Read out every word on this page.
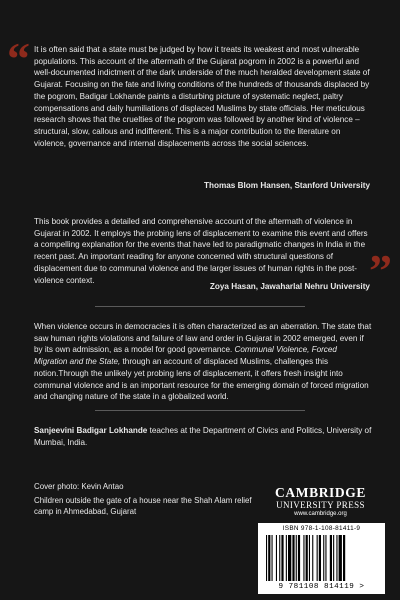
“
”
It is often said that a state must be judged by how it treats its weakest and most vulnerable populations. This account of the aftermath of the Gujarat pogrom in 2002 is a powerful and well-documented indictment of the dark underside of the much heralded development state of Gujarat. Focusing on the fate and living conditions of the hundreds of thousands displaced by the pogrom, Badigar Lokhande paints a disturbing picture of systematic neglect, paltry compensations and daily humiliations of displaced Muslims by state officials. Her meticulous research shows that the cruelties of the pogrom was followed by another kind of violence – structural, slow, callous and indifferent. This is a major contribution to the literature on violence, governance and internal displacements across the social sciences.
Thomas Blom Hansen, Stanford University
This book provides a detailed and comprehensive account of the aftermath of violence in Gujarat in 2002. It employs the probing lens of displacement to examine this event and offers a compelling explanation for the events that have led to paradigmatic changes in India in the recent past. An important reading for anyone concerned with structural questions of displacement due to communal violence and the larger issues of human rights in the post-violence context.
Zoya Hasan, Jawaharlal Nehru University
When violence occurs in democracies it is often characterized as an aberration. The state that saw human rights violations and failure of law and order in Gujarat in 2002 emerged, even if by its own admission, as a model for good governance. Communal Violence, Forced Migration and the State, through an account of displaced Muslims, challenges this notion.Through the unlikely yet probing lens of displacement, it offers fresh insight into communal violence and is an important resource for the emerging domain of forced migration and changing nature of the state in a globalized world.
Sanjeevini Badigar Lokhande teaches at the Department of Civics and Politics, University of Mumbai, India.
Cover photo: Kevin Antao
Children outside the gate of a house near the Shah Alam relief camp in Ahmedabad, Gujarat
CAMBRIDGE
UNIVERSITY PRESS
www.cambridge.org
ISBN 978-1-108-81411-9
9 781108 814119 >
